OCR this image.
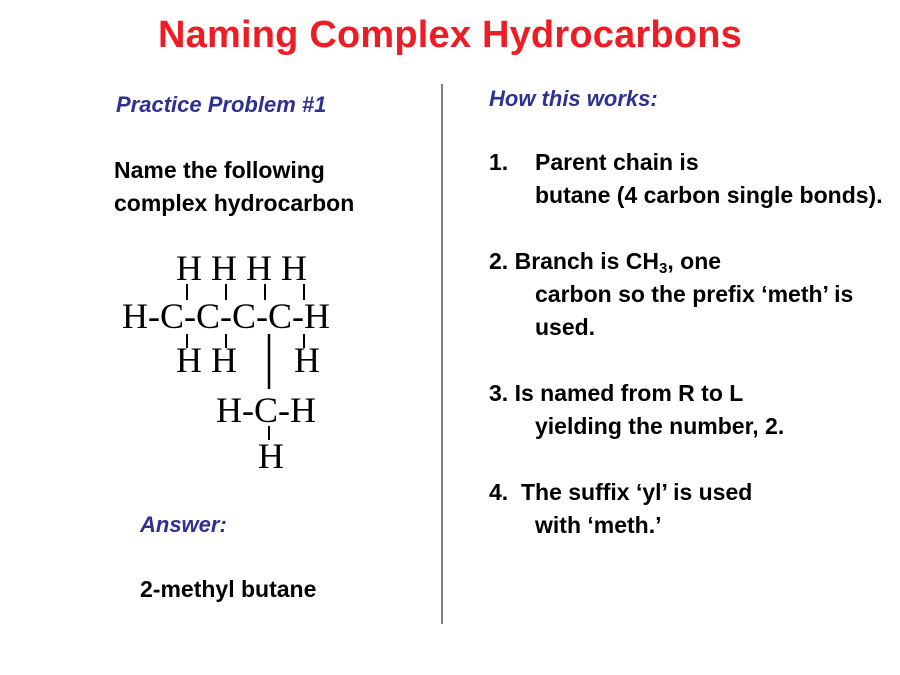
Naming Complex Hydrocarbons
Practice Problem #1
Name the following
complex hydrocarbon
H H H H
H-C-C-C-C-H
H H H
H-C-H
H
Answer:
2-methyl butane
How this works:
1. Parent chain is
butane (4 carbon single bonds).
2. Branch is $CH_3$, one
carbon so the prefix ‘meth’ is used.
3. Is named from R to L
yielding the number, 2.
4. The suffix ‘yl’ is used
with ‘meth.’
